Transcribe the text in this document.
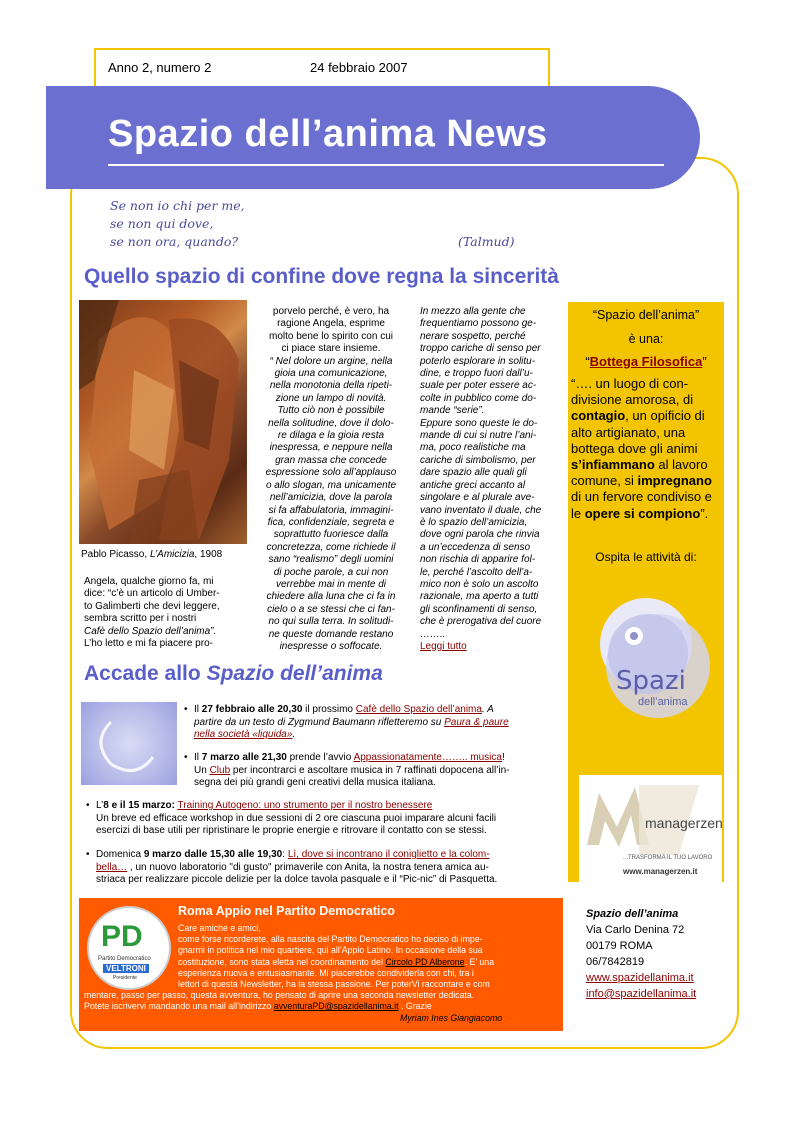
Anno 2, numero 2	24 febbraio 2007
Spazio dell’anima News
Se non io chi per me,
se non qui dove,
se non ora, quando?	(Talmud)
Quello spazio di confine dove regna la sincerità
Pablo Picasso, L’Amicizia, 1908
Angela, qualche giorno fa, mi
dice: “c’è un articolo di Umber-
to Galimberti che devi leggere,
sembra scritto per i nostri
Cafè dello Spazio dell’anima”.
L’ho letto e mi fa piacere pro-
porvelo perché, è vero, ha
ragione Angela, esprime
molto bene lo spirito con cui
ci piace stare insieme.
“ Nel dolore un argine, nella
gioia una comunicazione,
nella monotonia della ripeti-
zione un lampo di novità.
Tutto ciò non è possibile
nella solitudine, dove il dolo-
re dilaga e la gioia resta
inespressa, e neppure nella
gran massa che concede
espressione solo all’applauso
o allo slogan, ma unicamente
nell’amicizia, dove la parola
si fa affabulatoria, immagini-
fica, confidenziale, segreta e
soprattutto fuoriesce dalla
concretezza, come richiede il
sano “realismo” degli uomini
di poche parole, a cui non
verrebbe mai in mente di
chiedere alla luna che ci fa in
cielo o a se stessi che ci fan-
no qui sulla terra. In solitudi-
ne queste domande restano
inespresse o soffocate.
In mezzo alla gente che
frequentiamo possono ge-
nerare sospetto, perché
troppo cariche di senso per
poterlo esplorare in solitu-
dine, e troppo fuori dall’u-
suale per poter essere ac-
colte in pubblico come do-
mande “serie”.
Eppure sono queste le do-
mande di cui si nutre l’ani-
ma, poco realistiche ma
cariche di simbolismo, per
dare spazio alle quali gli
antiche greci accanto al
singolare e al plurale ave-
vano inventato il duale, che
è lo spazio dell’amicizia,
dove ogni parola che rinvia
a un’eccedenza di senso
non rischia di apparire fol-
le, perché l’ascolto dell’a-
mico non è solo un ascolto
razionale, ma aperto a tutti
gli sconfinamenti di senso,
che è prerogativa del cuore
……..
Leggi tutto
“Spazio dell’anima”
è una:
“Bottega Filosofica”
“…. un luogo di con-divisione amorosa, di contagio, un opificio di alto artigianato, una bottega dove gli animi s’infiammano al lavoro comune, si impregnano di un fervore condiviso e le opere si compiono”.
Ospita le attività di:
Spazi
dell’anima
managerzen
...TRASFORMA IL TUO LAVORO
www.managerzen.it
Spazio dell’anima
Via Carlo Denina 72
00179 ROMA
06/7842819
www.spazidellanima.it
info@spazidellanima.it
Accade allo Spazio dell’anima
• Il 27 febbraio alle 20,30 il prossimo Cafè dello Spazio dell’anima. A
partire da un testo di Zygmund Baumann rifletteremo su Paura & paure
nella società «liquida».
• Il 7 marzo alle 21,30 prende l’avvio Appassionatamente…….. musica!
Un Club per incontrarci e ascoltare musica in 7 raffinati dopocena all’in-
segna dei più grandi geni creativi della musica italiana.
• L’8 e il 15 marzo: Training Autogeno: uno strumento per il nostro benessere
Un breve ed efficace workshop in due sessioni di 2 ore ciascuna puoi imparare alcuni facili
esercizi di base utili per ripristinare le proprie energie e ritrovare il contatto con se stessi.
• Domenica 9 marzo dalle 15,30 alle 19,30: Lì, dove si incontrano il coniglietto e la colom-
bella… , un nuovo laboratorio "di gusto" primaverile con Anita, la nostra tenera amica au-
striaca per realizzare piccole delizie per la dolce tavola pasquale e il “Pic-nic” di Pasquetta.
PD
Partito Democratico
VELTRONI
Presidente
Roma Appio nel Partito Democratico
Care amiche e amici,
come forse ricorderete, alla nascita del Partito Democratico ho deciso di impe-
gnarmi in politica nel mio quartiere, qui all’Appio Latino. In occasione della sua
costituzione, sono stata eletta nel coordinamento del Circolo PD Alberone. E’ una
esperienza nuova e entusiasmante. Mi piacerebbe condividerla con chi, tra i
lettori di questa Newsletter, ha la stessa passione. Per poterVi raccontare e com
mentare, passo per passo, questa avventura, ho pensato di aprire una seconda newsletter dedicata.
Potete iscrivervi mandando una mail all’indirizzo avventuraPD@spazidellanima.it . Grazie
Myriam Ines Giangiacomo
